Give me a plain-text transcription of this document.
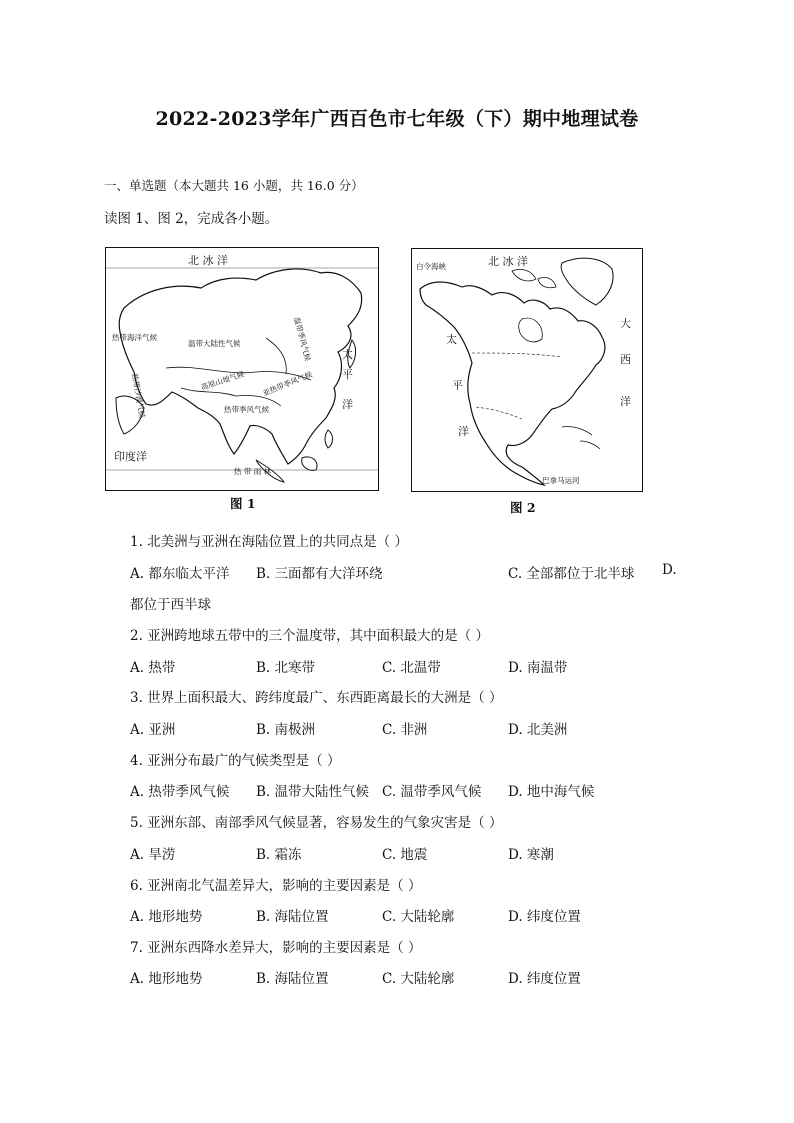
2022-2023学年广西百色市七年级（下）期中地理试卷
一、单选题（本大题共 16 小题，共 16.0 分）
读图 1、图 2，完成各小题。
北 冰 洋
太
平
洋
印度洋
热 带 雨 林
热带海洋气候
温带大陆性气候	温带季风气候
热带沙漠气候	高原山地气候 亚热带季风气候
热带季风气候
图 1
白令海峡	北 冰 洋
太
平
洋
大
西
洋
巴拿马运河
图 2
1. 北美洲与亚洲在海陆位置上的共同点是（ ）
A. 都东临太平洋 B. 三面都有大洋环绕	C. 全部都位于北半球 D.
都位于西半球
2. 亚洲跨地球五带中的三个温度带，其中面积最大的是（ ）
A. 热带	B. 北寒带	C. 北温带	D. 南温带
3. 世界上面积最大、跨纬度最广、东西距离最长的大洲是（ ）
A. 亚洲	B. 南极洲	C. 非洲	D. 北美洲
4. 亚洲分布最广的气候类型是（ ）
A. 热带季风气候 B. 温带大陆性气候 C. 温带季风气候 D. 地中海气候
5. 亚洲东部、南部季风气候显著，容易发生的气象灾害是（ ）
A. 旱涝	B. 霜冻	C. 地震	D. 寒潮
6. 亚洲南北气温差异大，影响的主要因素是（ ）
A. 地形地势	B. 海陆位置	C. 大陆轮廓	D. 纬度位置
7. 亚洲东西降水差异大，影响的主要因素是（ ）
A. 地形地势	B. 海陆位置	C. 大陆轮廓	D. 纬度位置
